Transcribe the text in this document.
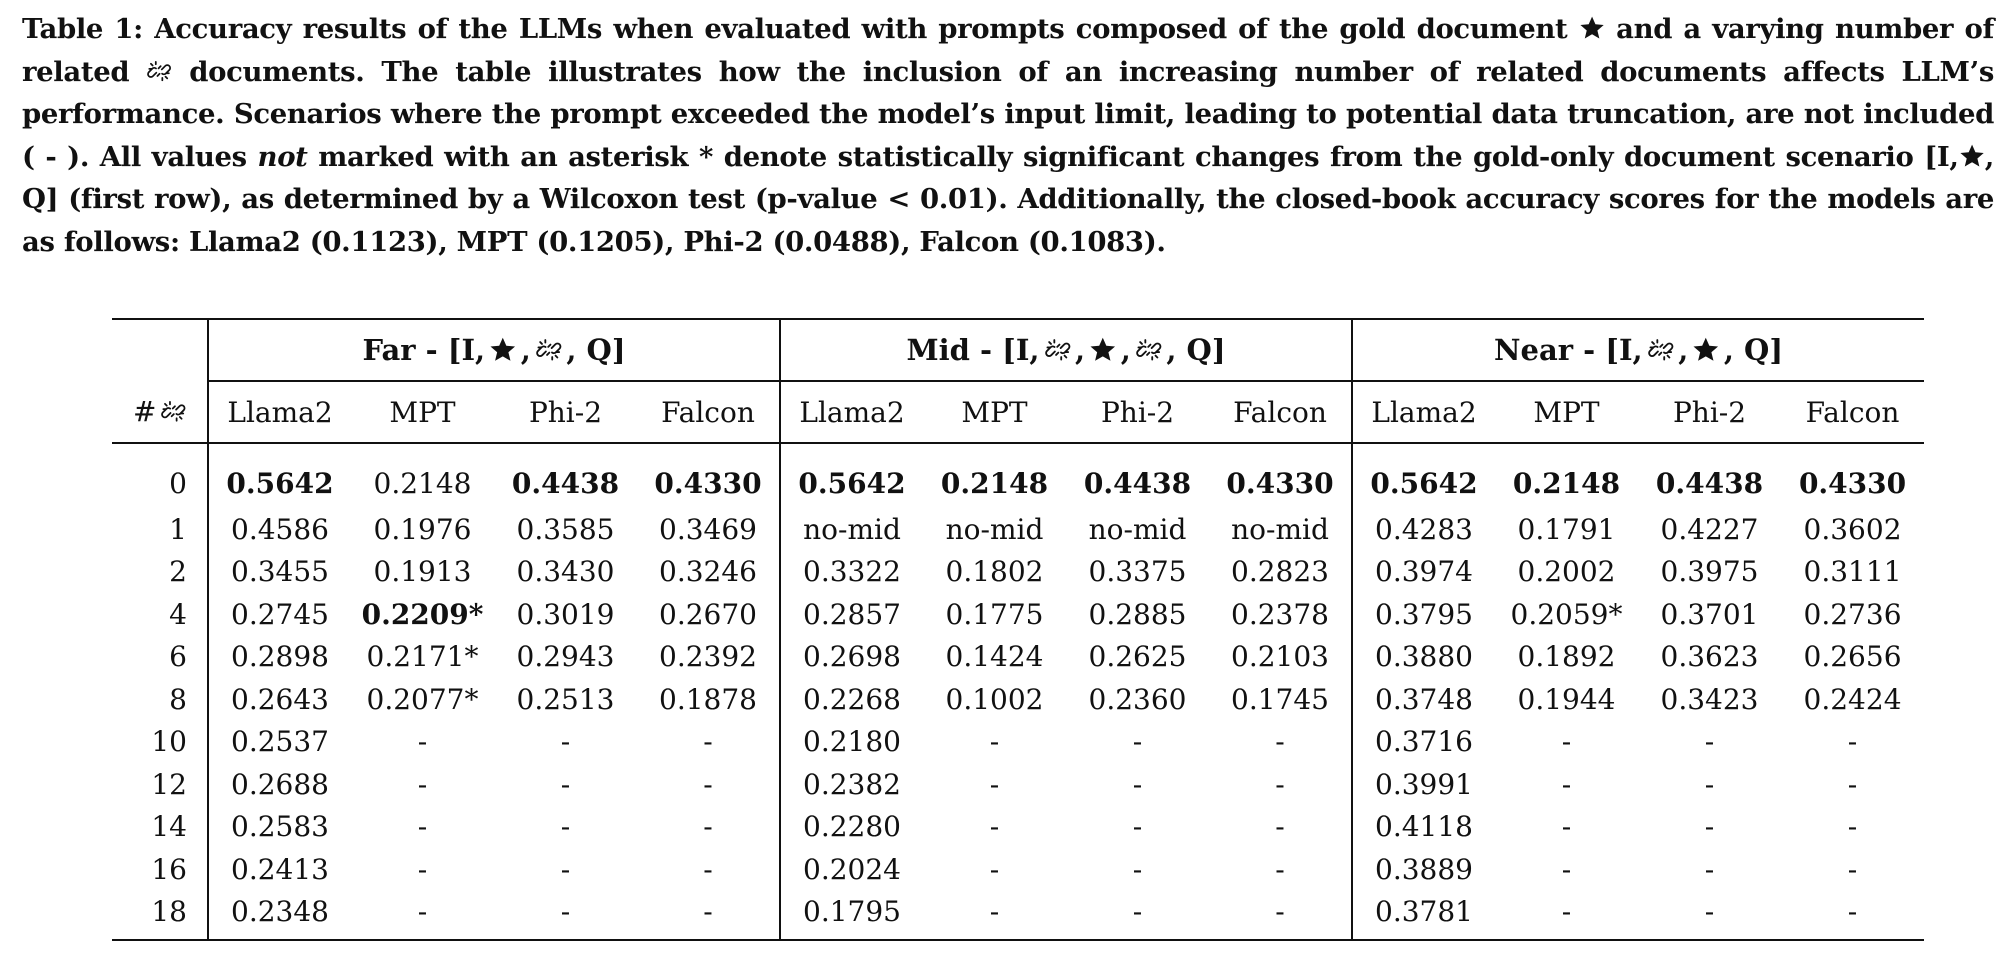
Table 1: Accuracy results of the LLMs when evaluated with prompts composed of the gold document and a varying number of related documents. The table illustrates how the inclusion of an increasing number of related documents affects LLM’s performance. Scenarios where the prompt exceeded the model’s input limit, leading to potential data truncation, are not included ( - ). All values not marked with an asterisk * denote statistically significant changes from the gold-only document scenario [I, , Q] (first row), as determined by a Wilcoxon test (p-value < 0.01). Additionally, the closed-book accuracy scores for the models are as follows: Llama2 (0.1123), MPT (0.1205), Phi-2 (0.0488), Falcon (0.1083).

	Far - [I, , , Q]				Mid - [I, , , , Q]				Near - [I, , , Q]			

#	Llama2	MPT	Phi-2	Falcon	Llama2	MPT	Phi-2	Falcon	Llama2	MPT	Phi-2	Falcon
0	0.5642	0.2148	0.4438	0.4330	0.5642	0.2148	0.4438	0.4330	0.5642	0.2148	0.4438	0.4330
1	0.4586	0.1976	0.3585	0.3469	no-mid	no-mid	no-mid	no-mid	0.4283	0.1791	0.4227	0.3602
2	0.3455	0.1913	0.3430	0.3246	0.3322	0.1802	0.3375	0.2823	0.3974	0.2002	0.3975	0.3111
4	0.2745	0.2209*	0.3019	0.2670	0.2857	0.1775	0.2885	0.2378	0.3795	0.2059*	0.3701	0.2736
6	0.2898	0.2171*	0.2943	0.2392	0.2698	0.1424	0.2625	0.2103	0.3880	0.1892	0.3623	0.2656
8	0.2643	0.2077*	0.2513	0.1878	0.2268	0.1002	0.2360	0.1745	0.3748	0.1944	0.3423	0.2424
10	0.2537	-	-	-	0.2180	-	-	-	0.3716	-	-	-
12	0.2688	-	-	-	0.2382	-	-	-	0.3991	-	-	-
14	0.2583	-	-	-	0.2280	-	-	-	0.4118	-	-	-
16	0.2413	-	-	-	0.2024	-	-	-	0.3889	-	-	-
18	0.2348	-	-	-	0.1795	-	-	-	0.3781	-	-	-
